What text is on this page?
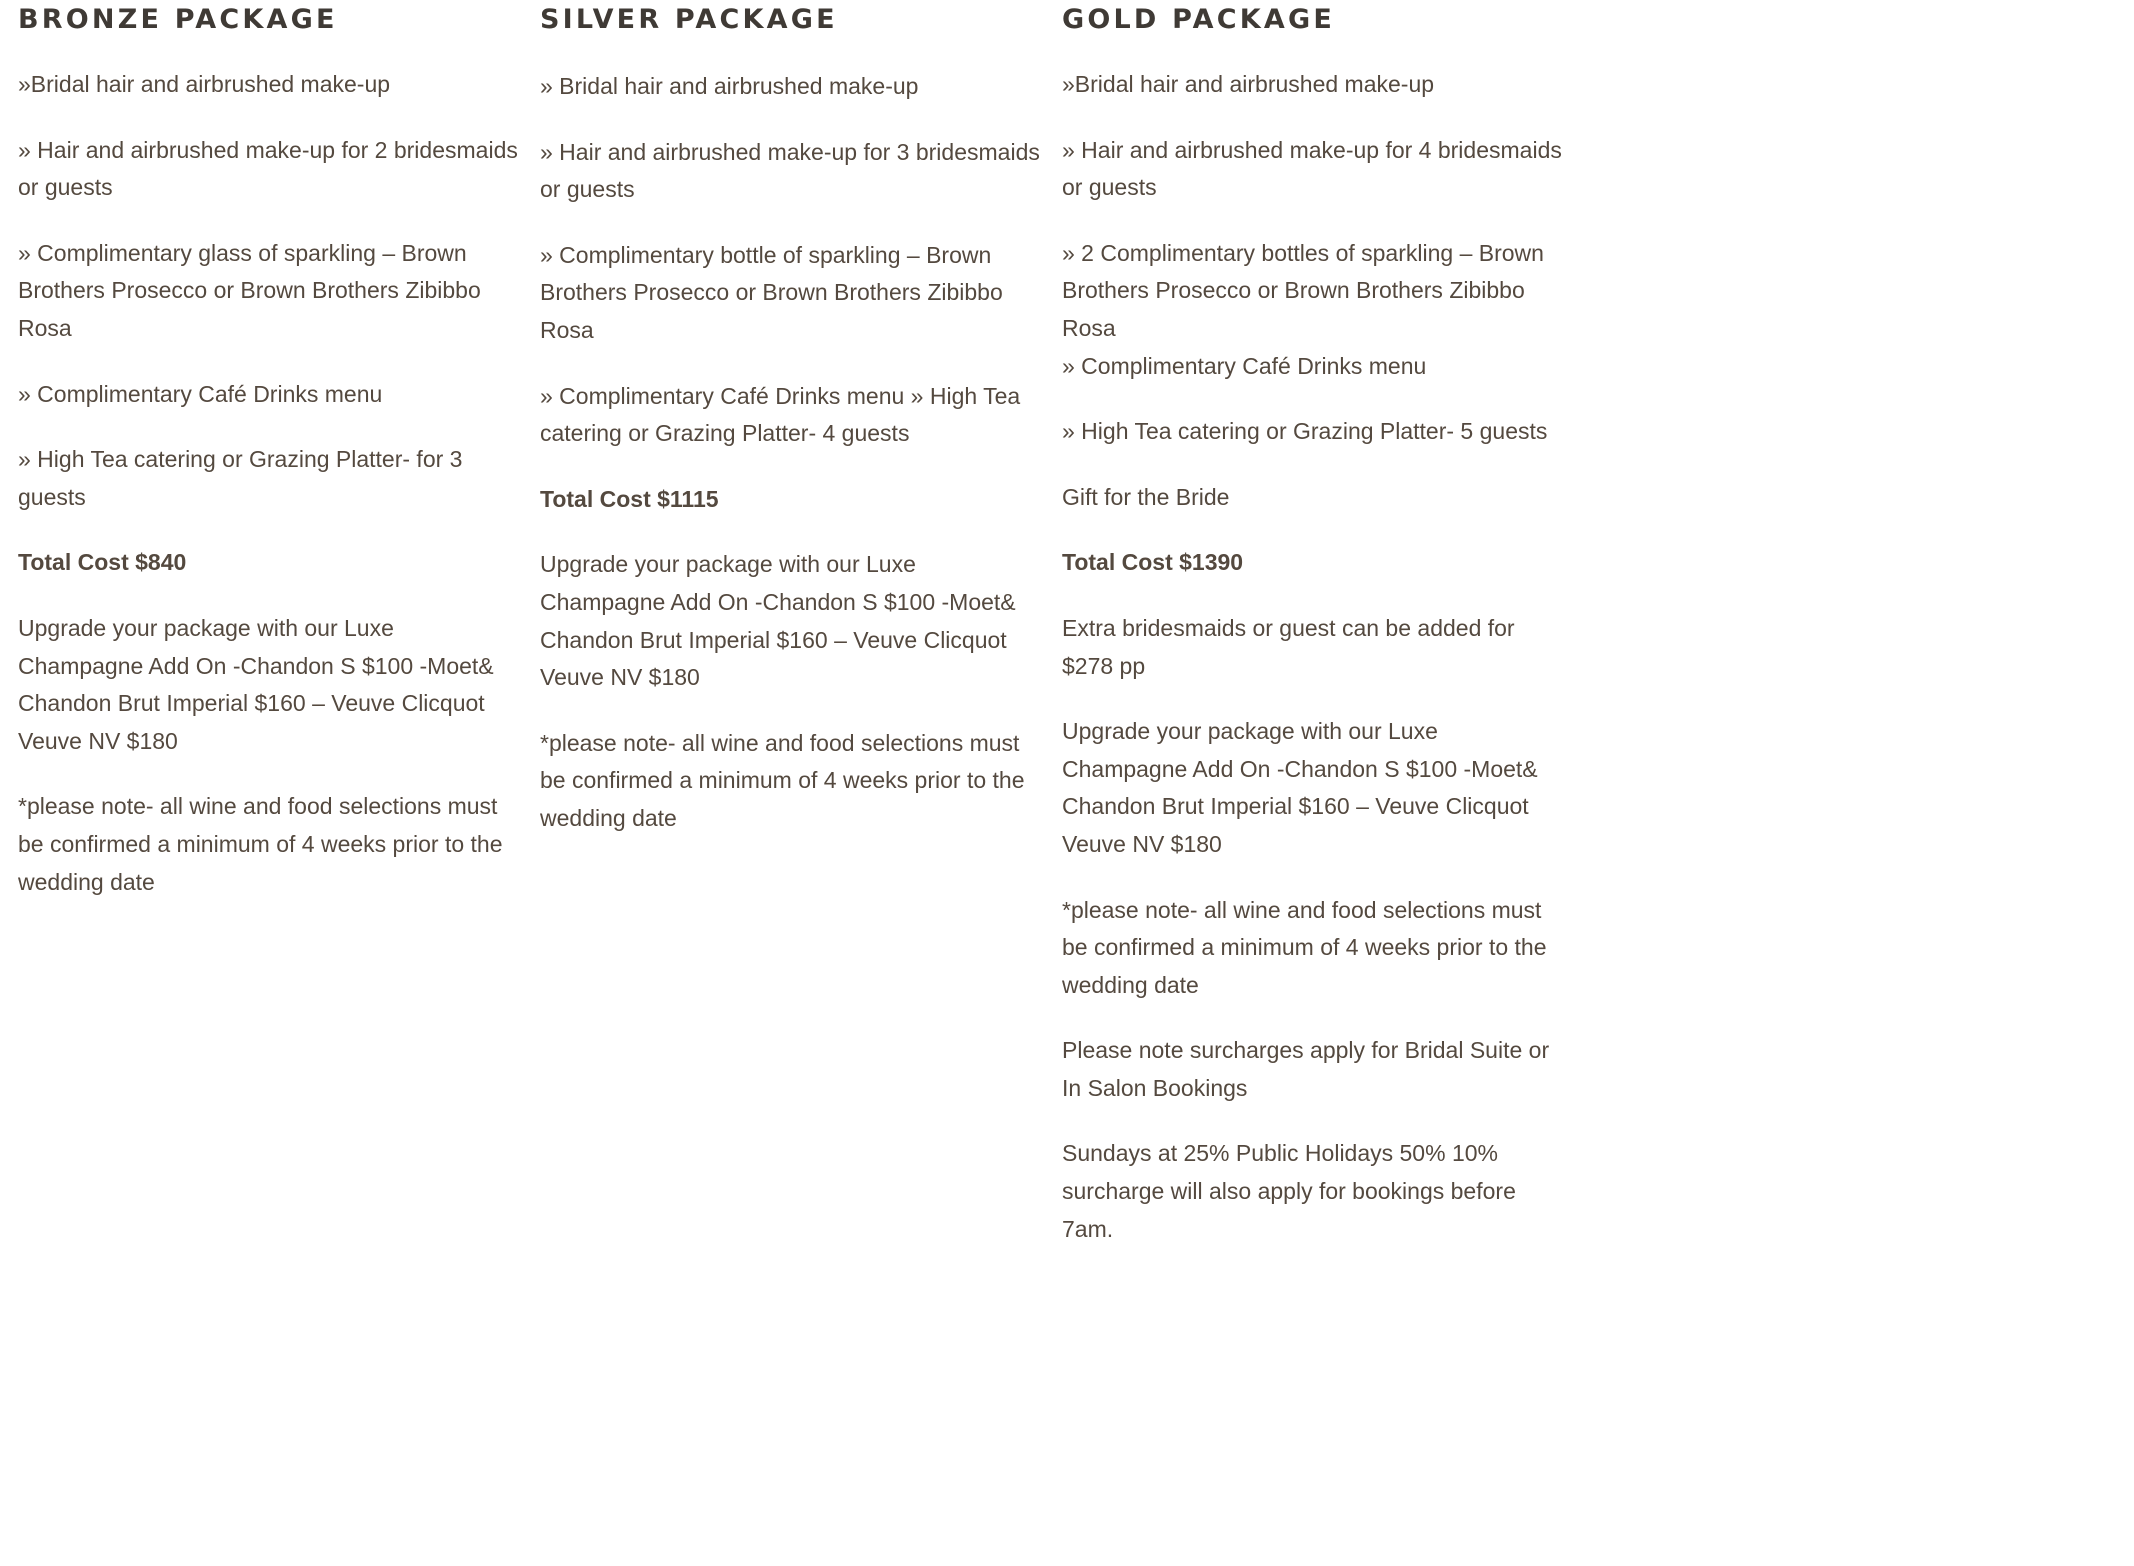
BRONZE PACKAGE

»Bridal hair and airbrushed make-up

» Hair and airbrushed make-up for 2 bridesmaids or guests

» Complimentary glass of sparkling – Brown Brothers Prosecco or Brown Brothers Zibibbo Rosa

» Complimentary Café Drinks menu

» High Tea catering or Grazing Platter- for 3 guests

Total Cost $840

Upgrade your package with our Luxe Champagne Add On -Chandon S $100 -Moet& Chandon Brut Imperial $160 – Veuve Clicquot Veuve NV $180

*please note- all wine and food selections must be confirmed a minimum of 4 weeks prior to the wedding date

SILVER PACKAGE

» Bridal hair and airbrushed make-up

» Hair and airbrushed make-up for 3 bridesmaids or guests

» Complimentary bottle of sparkling – Brown Brothers Prosecco or Brown Brothers Zibibbo Rosa

» Complimentary Café Drinks menu » High Tea catering or Grazing Platter- 4 guests

Total Cost $1115

Upgrade your package with our Luxe Champagne Add On -Chandon S $100 -Moet& Chandon Brut Imperial $160 – Veuve Clicquot Veuve NV $180

*please note- all wine and food selections must be confirmed a minimum of 4 weeks prior to the wedding date

GOLD PACKAGE

»Bridal hair and airbrushed make-up

» Hair and airbrushed make-up for 4 bridesmaids or guests

» 2 Complimentary bottles of sparkling – Brown Brothers Prosecco or Brown Brothers Zibibbo Rosa

» Complimentary Café Drinks menu

» High Tea catering or Grazing Platter- 5 guests

Gift for the Bride

Total Cost $1390

Extra bridesmaids or guest can be added for $278 pp

Upgrade your package with our Luxe Champagne Add On -Chandon S $100 -Moet& Chandon Brut Imperial $160 – Veuve Clicquot Veuve NV $180

*please note- all wine and food selections must be confirmed a minimum of 4 weeks prior to the wedding date

Please note surcharges apply for Bridal Suite or In Salon Bookings

Sundays at 25% Public Holidays 50% 10% surcharge will also apply for bookings before 7am.
